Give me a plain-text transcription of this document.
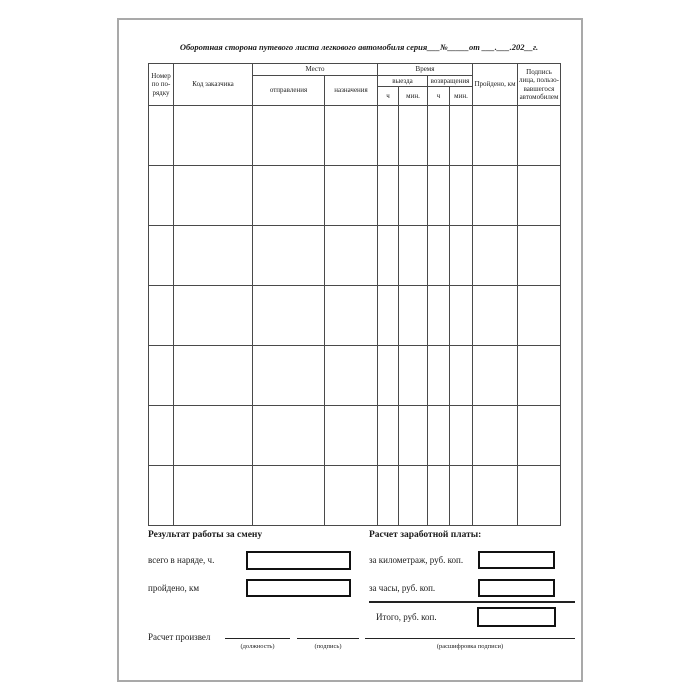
Оборотная сторона путевого листа легкового автомобиля серия___№_____от ___.___.202__г.
Номер по по-рядку	Код заказчика	Место		Время				Пройдено, км	Подпись лица, пользо-вавшегося автомобилем
		отправления	назначения	выезда		возвращения			
				ч	мин.	ч	мин.		

Результат работы за смену
всего в наряде, ч.
пройдено, км
Расчет заработной платы:
за километраж, руб. коп.
за часы, руб. коп.
Итого, руб. коп.
Расчет произвел
(должность)	(подпись)	(расшифровка подписи)
